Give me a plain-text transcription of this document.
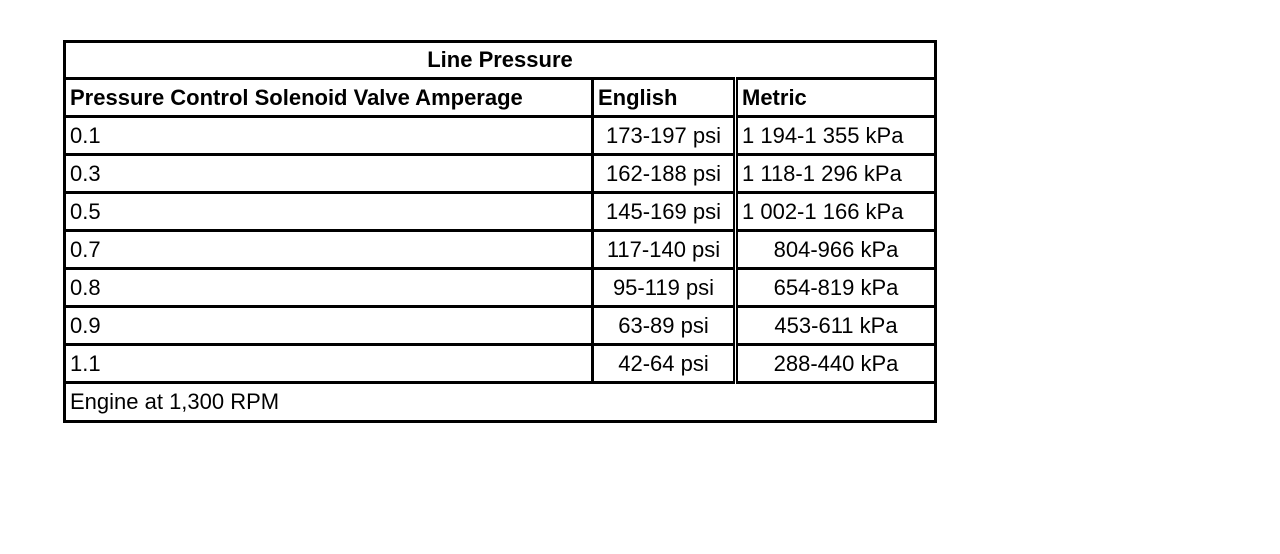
Line Pressure		
Pressure Control Solenoid Valve Amperage	English	Metric
0.1	173-197 psi	1 194-1 355 kPa
0.3	162-188 psi	1 118-1 296 kPa
0.5	145-169 psi	1 002-1 166 kPa
0.7	117-140 psi	804-966 kPa
0.8	95-119 psi	654-819 kPa
0.9	63-89 psi	453-611 kPa
1.1	42-64 psi	288-440 kPa
Engine at 1,300 RPM		
